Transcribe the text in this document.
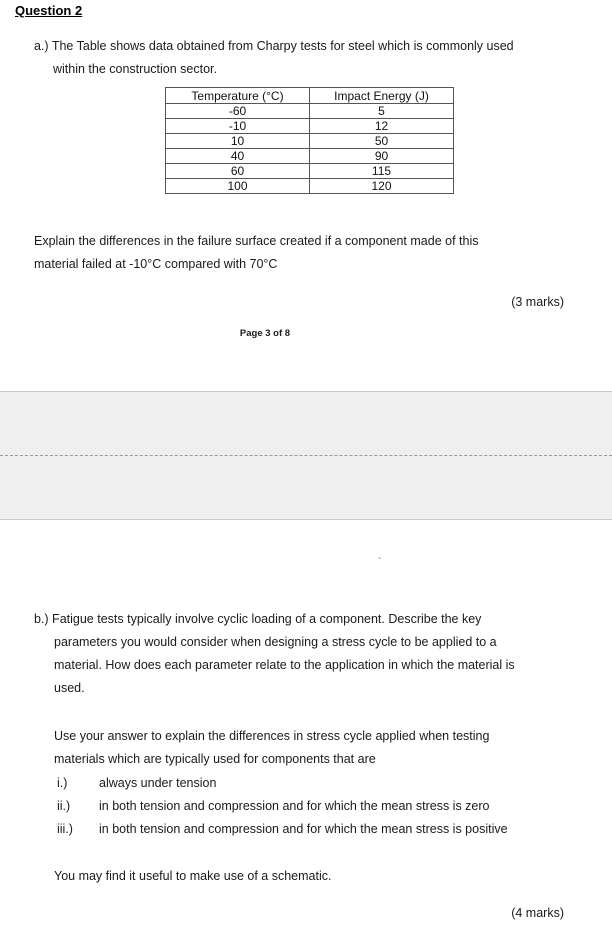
Question 2
a.) The Table shows data obtained from Charpy tests for steel which is commonly used
within the construction sector.
Temperature (°C)	Impact Energy (J)
-60	5
-10	12
10	50
40	90
60	115
100	120
Explain the differences in the failure surface created if a component made of this
material failed at -10°C compared with 70°C
(3 marks)
Page 3 of 8
`
b.) Fatigue tests typically involve cyclic loading of a component. Describe the key
parameters you would consider when designing a stress cycle to be applied to a
material. How does each parameter relate to the application in which the material is
used.
Use your answer to explain the differences in stress cycle applied when testing
materials which are typically used for components that are
i.)	always under tension
ii.) in both tension and compression and for which the mean stress is zero
iii.) in both tension and compression and for which the mean stress is positive
You may find it useful to make use of a schematic.
(4 marks)
